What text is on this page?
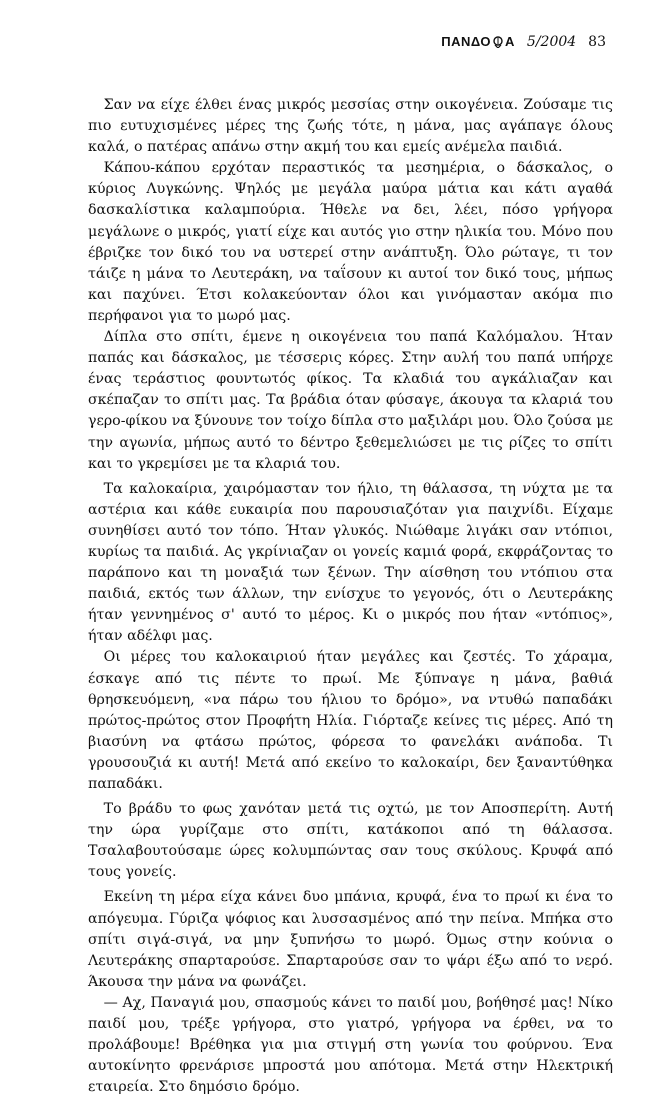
ΠΑΝΔΟ Α 5/2004 83

Σαν να είχε έλθει ένας μικρός μεσσίας στην οικογένεια. Ζούσαμε τις πιο ευτυχισμένες μέρες της ζωής τότε, η μάνα, μας αγάπαγε όλους καλά, ο πατέρας απάνω στην ακμή του και εμείς ανέμελα παιδιά.

Κάπου-κάπου ερχόταν περαστικός τα μεσημέρια, ο δάσκαλος, ο κύριος Λυγκώνης. Ψηλός με μεγάλα μαύρα μάτια και κάτι αγαθά δασκαλίστικα καλαμπούρια. Ήθελε να δει, λέει, πόσο γρήγορα μεγάλωνε ο μικρός, γιατί είχε και αυτός γιο στην ηλικία του. Μόνο που έβριζκε τον δικό του να υστερεί στην ανάπτυξη. Όλο ρώταγε, τι τον τάιζε η μάνα το Λευτεράκη, να ταΐσουν κι αυτοί τον δικό τους, μήπως και παχύνει. Έτσι κολακεύονταν όλοι και γινόμασταν ακόμα πιο περήφανοι για το μωρό μας.

Δίπλα στο σπίτι, έμενε η οικογένεια του παπά Καλόμαλου. Ήταν παπάς και δάσκαλος, με τέσσερις κόρες. Στην αυλή του παπά υπήρχε ένας τεράστιος φουντωτός φίκος. Τα κλαδιά του αγκάλιαζαν και σκέπαζαν το σπίτι μας. Τα βράδια όταν φύσαγε, άκουγα τα κλαριά του γερο-φίκου να ξύνουνε τον τοίχο δίπλα στο μαξιλάρι μου. Όλο ζούσα με την αγωνία, μήπως αυτό το δέντρο ξεθεμελιώσει με τις ρίζες το σπίτι και το γκρεμίσει με τα κλαριά του.

Τα καλοκαίρια, χαιρόμασταν τον ήλιο, τη θάλασσα, τη νύχτα με τα αστέρια και κάθε ευκαιρία που παρουσιαζόταν για παιχνίδι. Είχαμε συνηθίσει αυτό τον τόπο. Ήταν γλυκός. Νιώθαμε λιγάκι σαν ντόπιοι, κυρίως τα παιδιά. Ας γκρίνιαζαν οι γονείς καμιά φορά, εκφράζοντας το παράπονο και τη μοναξιά των ξένων. Την αίσθηση του ντόπιου στα παιδιά, εκτός των άλλων, την ενίσχυε το γεγονός, ότι ο Λευτεράκης ήταν γεννημένος σ' αυτό το μέρος. Κι ο μικρός που ήταν «ντόπιος», ήταν αδέλφι μας.

Οι μέρες του καλοκαιριού ήταν μεγάλες και ζεστές. Το χάραμα, έσκαγε από τις πέντε το πρωί. Με ξύπναγε η μάνα, βαθιά θρησκευόμενη, «να πάρω του ήλιου το δρόμο», να ντυθώ παπαδάκι πρώτος-πρώτος στον Προφήτη Ηλία. Γιόρταζε κείνες τις μέρες. Από τη βιασύνη να φτάσω πρώτος, φόρεσα το φανελάκι ανάποδα. Τι γρουσουζιά κι αυτή! Μετά από εκείνο το καλοκαίρι, δεν ξαναντύθηκα παπαδάκι.

Το βράδυ το φως χανόταν μετά τις οχτώ, με τον Αποσπερίτη. Αυτή την ώρα γυρίζαμε στο σπίτι, κατάκοποι από τη θάλασσα. Τσαλαβουτούσαμε ώρες κολυμπώντας σαν τους σκύλους. Κρυφά από τους γονείς.

Εκείνη τη μέρα είχα κάνει δυο μπάνια, κρυφά, ένα το πρωί κι ένα το απόγευμα. Γύριζα ψόφιος και λυσσασμένος από την πείνα. Μπήκα στο σπίτι σιγά-σιγά, να μην ξυπνήσω το μωρό. Όμως στην κούνια ο Λευτεράκης σπαρταρούσε. Σπαρταρούσε σαν το ψάρι έξω από το νερό. Άκουσα την μάνα να φωνάζει.

— Αχ, Παναγιά μου, σπασμούς κάνει το παιδί μου, βοήθησέ μας! Νίκο παιδί μου, τρέξε γρήγορα, στο γιατρό, γρήγορα να έρθει, να το προλάβουμε! Βρέθηκα για μια στιγμή στη γωνία του φούρνου. Ένα αυτοκίνητο φρενάρισε μπροστά μου απότομα. Μετά στην Ηλεκτρική εταιρεία. Στο δημόσιο δρόμο.
